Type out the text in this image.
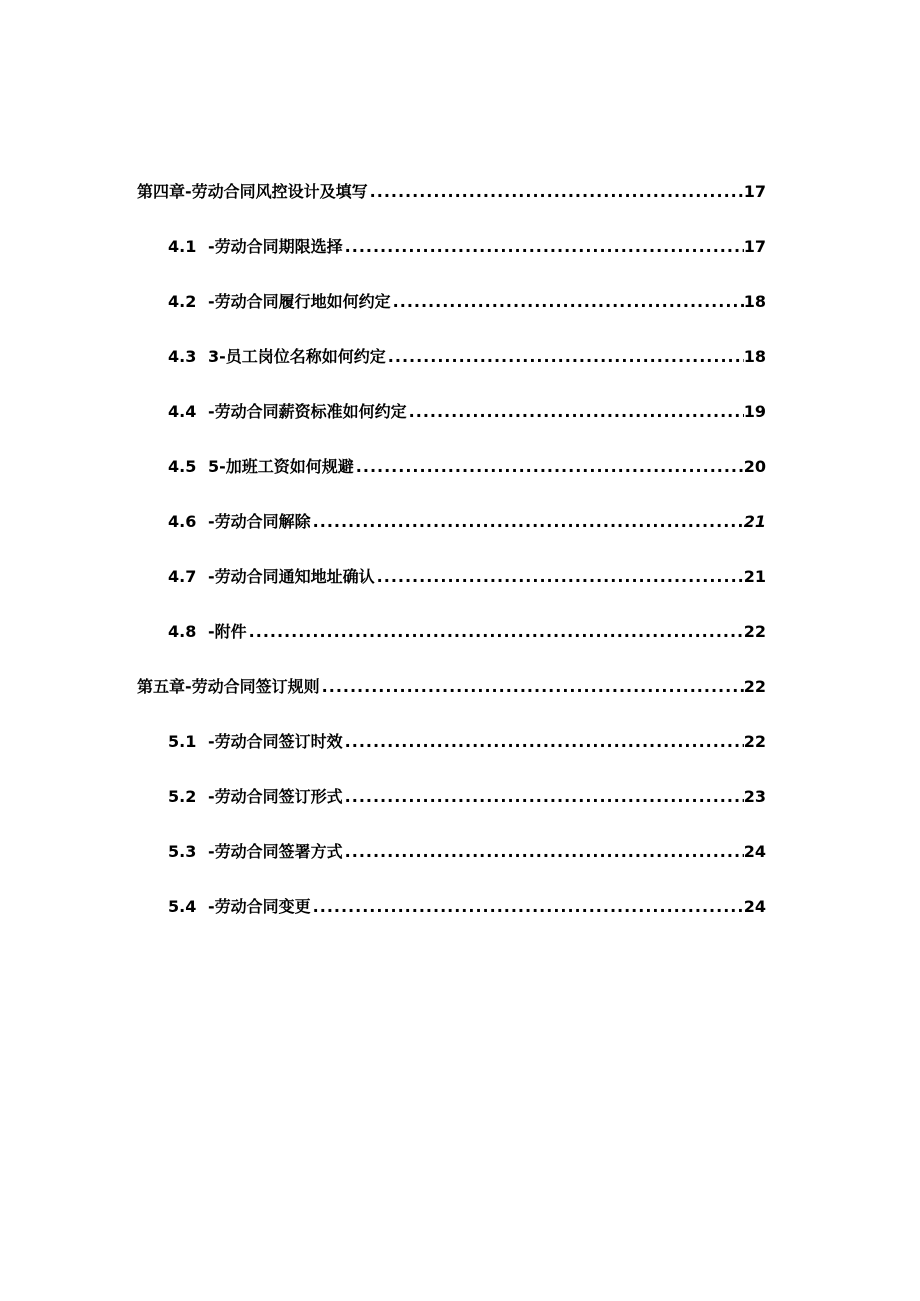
第四章-劳动合同风控设计及填写 .....	17
4.1 -劳动合同期限选择 .....	17
4.2 -劳动合同履行地如何约定 .....	18
4.3 3-员工岗位名称如何约定 .....	18
4.4 -劳动合同薪资标准如何约定 .....	19
4.5 5-加班工资如何规避 .....	20
4.6 -劳动合同解除 .....	21
4.7 -劳动合同通知地址确认 .....	21
4.8 -附件 .....	22
第五章-劳动合同签订规则 .....	22
5.1 -劳动合同签订时效 .....	22
5.2 -劳动合同签订形式 .....	23
5.3 -劳动合同签署方式 .....	24
5.4 -劳动合同变更 .....	24
